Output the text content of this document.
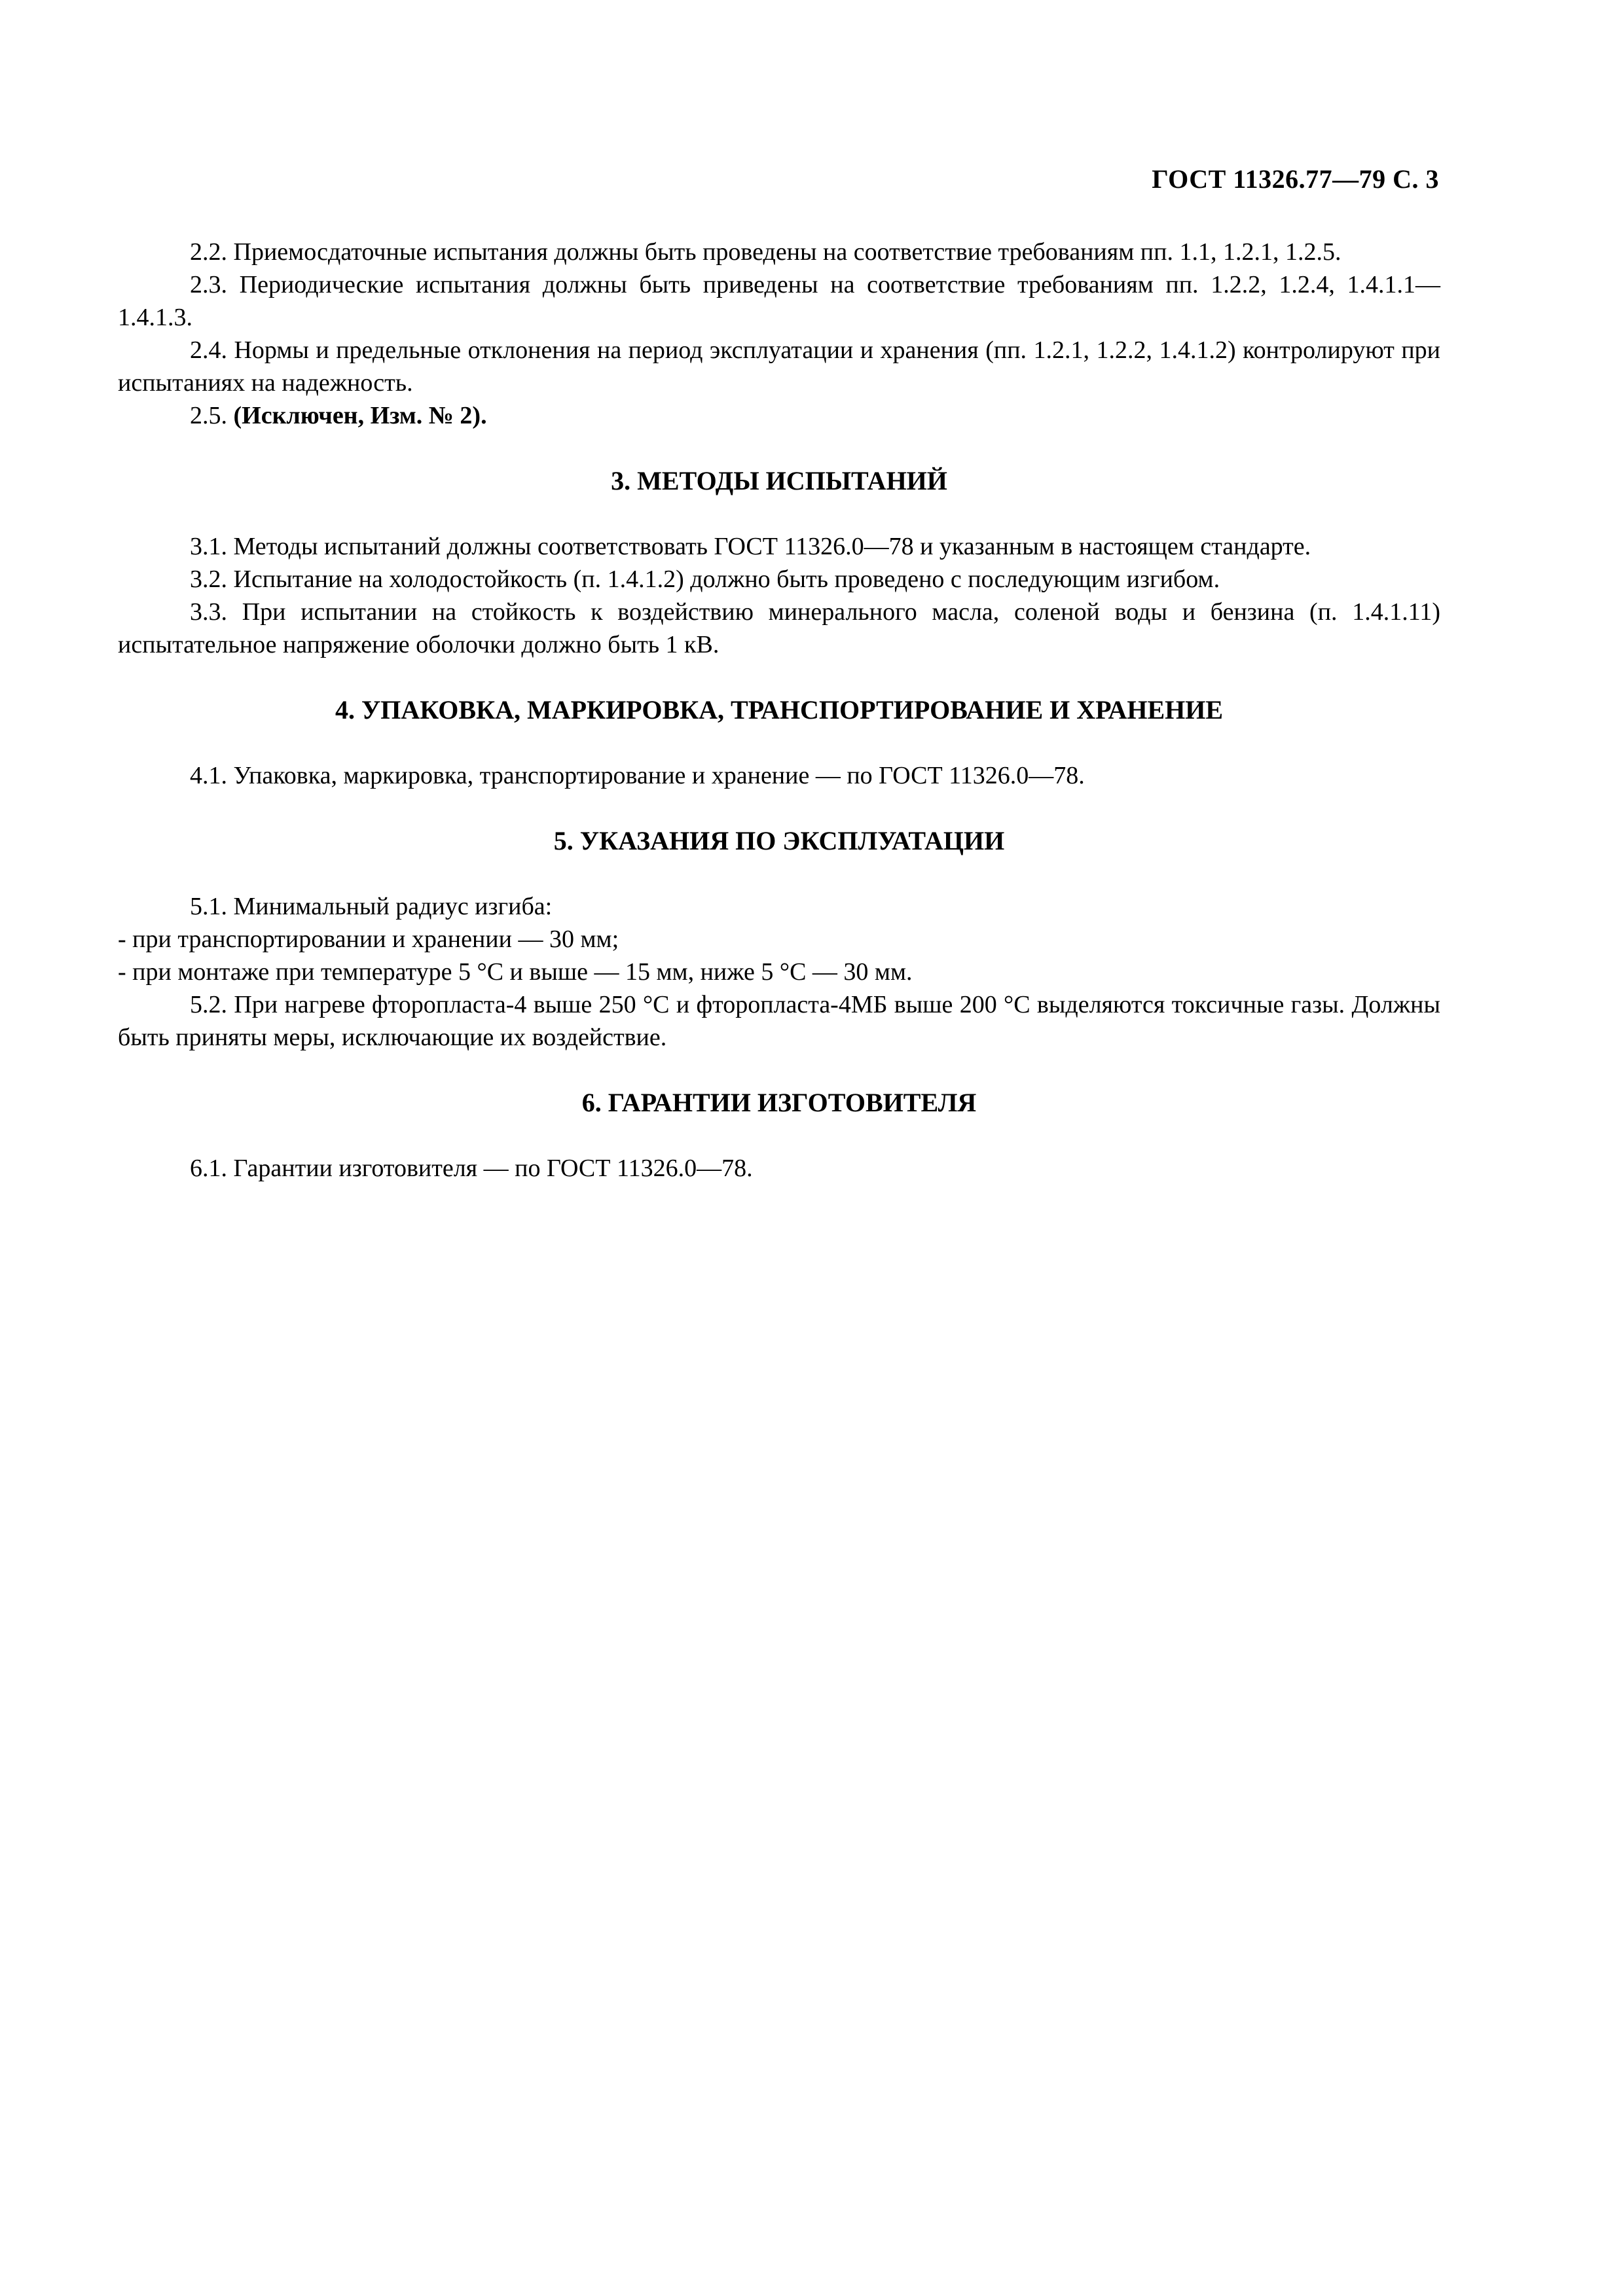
ГОСТ 11326.77—79 С. 3

2.2. Приемосдаточные испытания должны быть проведены на соответствие требованиям пп. 1.1, 1.2.1, 1.2.5.

2.3. Периодические испытания должны быть приведены на соответствие требованиям пп. 1.2.2, 1.2.4, 1.4.1.1—1.4.1.3.

2.4. Нормы и предельные отклонения на период эксплуатации и хранения (пп. 1.2.1, 1.2.2, 1.4.1.2) контролируют при испытаниях на надежность.

2.5. (Исключен, Изм. № 2).

3. МЕТОДЫ ИСПЫТАНИЙ

3.1. Методы испытаний должны соответствовать ГОСТ 11326.0—78 и указанным в настоящем стандарте.

3.2. Испытание на холодостойкость (п. 1.4.1.2) должно быть проведено с последующим изгибом.

3.3. При испытании на стойкость к воздействию минерального масла, соленой воды и бензина (п. 1.4.1.11) испытательное напряжение оболочки должно быть 1 кВ.

4. УПАКОВКА, МАРКИРОВКА, ТРАНСПОРТИРОВАНИЕ И ХРАНЕНИЕ

4.1. Упаковка, маркировка, транспортирование и хранение — по ГОСТ 11326.0—78.

5. УКАЗАНИЯ ПО ЭКСПЛУАТАЦИИ

5.1. Минимальный радиус изгиба:

- при транспортировании и хранении — 30 мм;

- при монтаже при температуре 5 °С и выше — 15 мм, ниже 5 °С — 30 мм.

5.2. При нагреве фторопласта-4 выше 250 °С и фторопласта-4МБ выше 200 °С выделяются токсичные газы. Должны быть приняты меры, исключающие их воздействие.

6. ГАРАНТИИ ИЗГОТОВИТЕЛЯ

6.1. Гарантии изготовителя — по ГОСТ 11326.0—78.
